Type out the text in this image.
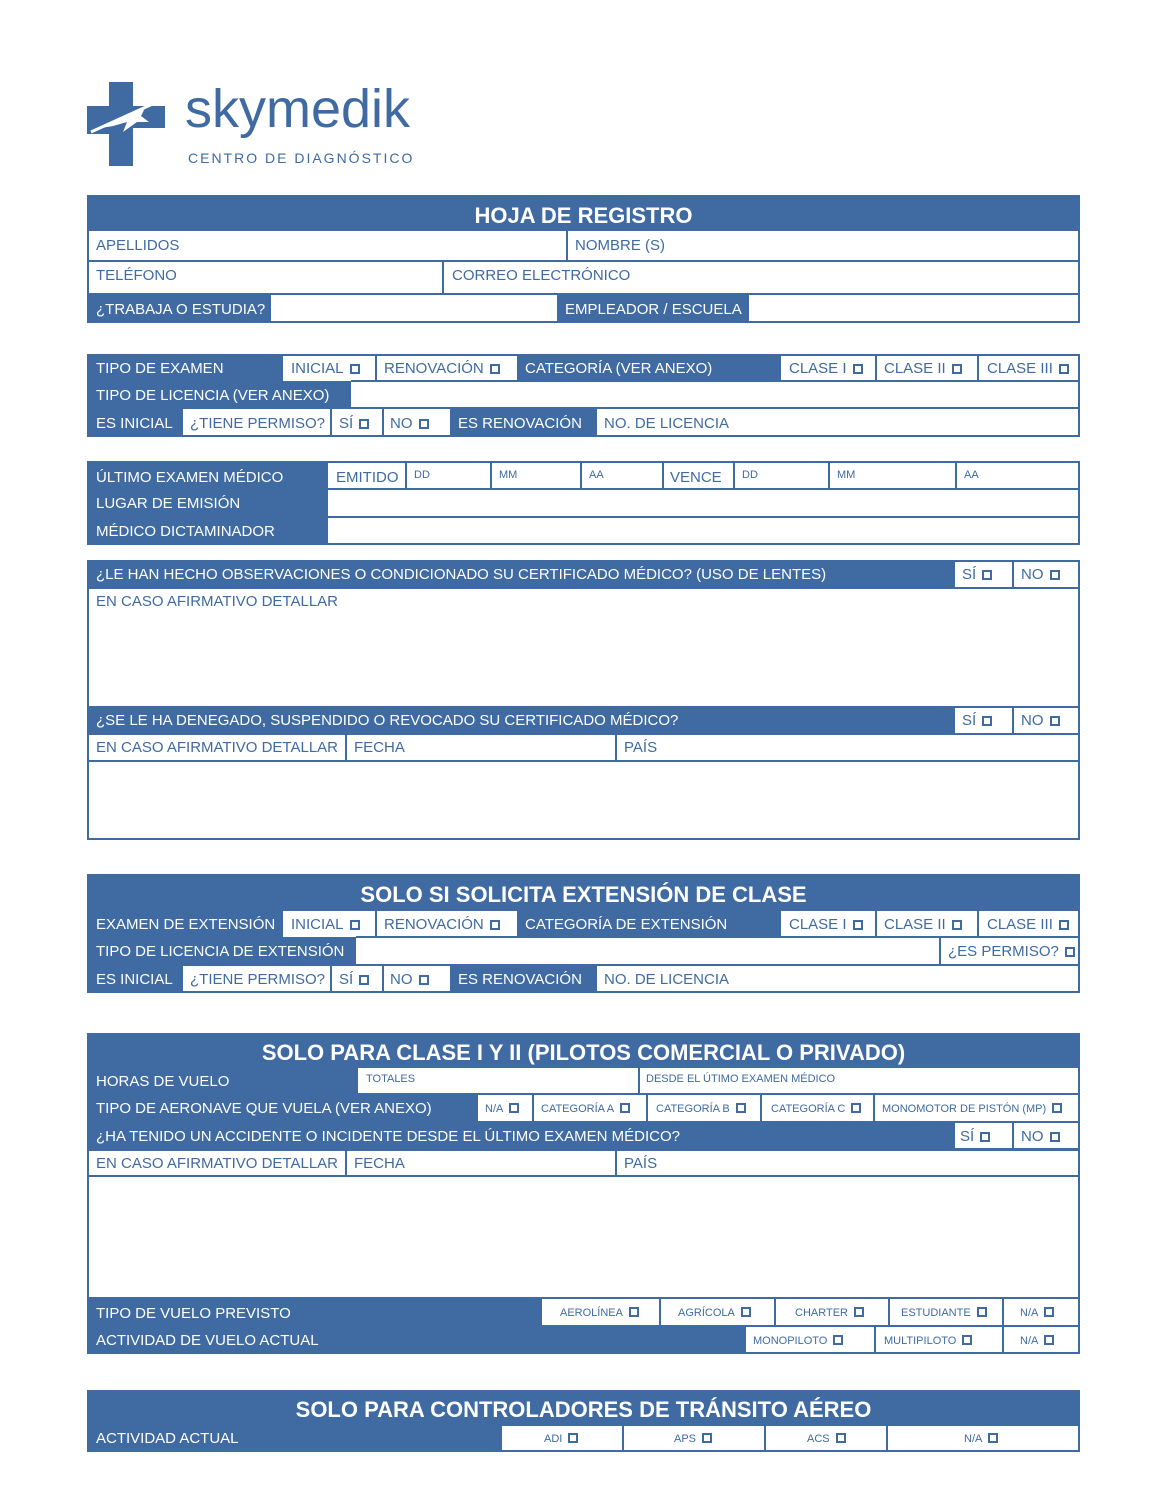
skymedik
CENTRO DE DIAGNÓSTICO
HOJA DE REGISTRO
APELLIDOS	NOMBRE (S)
TELÉFONO	CORREO ELECTRÓNICO
¿TRABAJA O ESTUDIA?	EMPLEADOR / ESCUELA
TIPO DE EXAMEN	INICIAL	RENOVACIÓN	CATEGORÍA (VER ANEXO)	CLASE I	CLASE II	CLASE III
TIPO DE LICENCIA (VER ANEXO)
ES INICIAL ¿TIENE PERMISO? SÍ	NO	ES RENOVACIÓN NO. DE LICENCIA
ÚLTIMO EXAMEN MÉDICO	EMITIDO DD	MM	AA	VENCE DD	MM	AA
LUGAR DE EMISIÓN
MÉDICO DICTAMINADOR
¿LE HAN HECHO OBSERVACIONES O CONDICIONADO SU CERTIFICADO MÉDICO? (USO DE LENTES)	SÍ	NO
EN CASO AFIRMATIVO DETALLAR
¿SE LE HA DENEGADO, SUSPENDIDO O REVOCADO SU CERTIFICADO MÉDICO?	SÍ	NO
EN CASO AFIRMATIVO DETALLAR FECHA	PAÍS
SOLO SI SOLICITA EXTENSIÓN DE CLASE
EXAMEN DE EXTENSIÓN INICIAL	RENOVACIÓN	CATEGORÍA DE EXTENSIÓN	CLASE I	CLASE II	CLASE III
TIPO DE LICENCIA DE EXTENSIÓN	¿ES PERMISO?
ES INICIAL ¿TIENE PERMISO? SÍ	NO	ES RENOVACIÓN NO. DE LICENCIA
SOLO PARA CLASE I Y II (PILOTOS COMERCIAL O PRIVADO)
HORAS DE VUELO	TOTALES	DESDE EL ÚTIMO EXAMEN MÉDICO
TIPO DE AERONAVE QUE VUELA (VER ANEXO)	N/A	CATEGORÍA A	CATEGORÍA B	CATEGORÍA C	MONOMOTOR DE PISTÓN (MP)
¿HA TENIDO UN ACCIDENTE O INCIDENTE DESDE EL ÚLTIMO EXAMEN MÉDICO?	SÍ	NO
EN CASO AFIRMATIVO DETALLAR FECHA	PAÍS
TIPO DE VUELO PREVISTO	AEROLÍNEA	AGRÍCOLA	CHARTER	ESTUDIANTE	N/A
ACTIVIDAD DE VUELO ACTUAL	MONOPILOTO	MULTIPILOTO	N/A
SOLO PARA CONTROLADORES DE TRÁNSITO AÉREO
ACTIVIDAD ACTUAL	ADI	APS	ACS	N/A
